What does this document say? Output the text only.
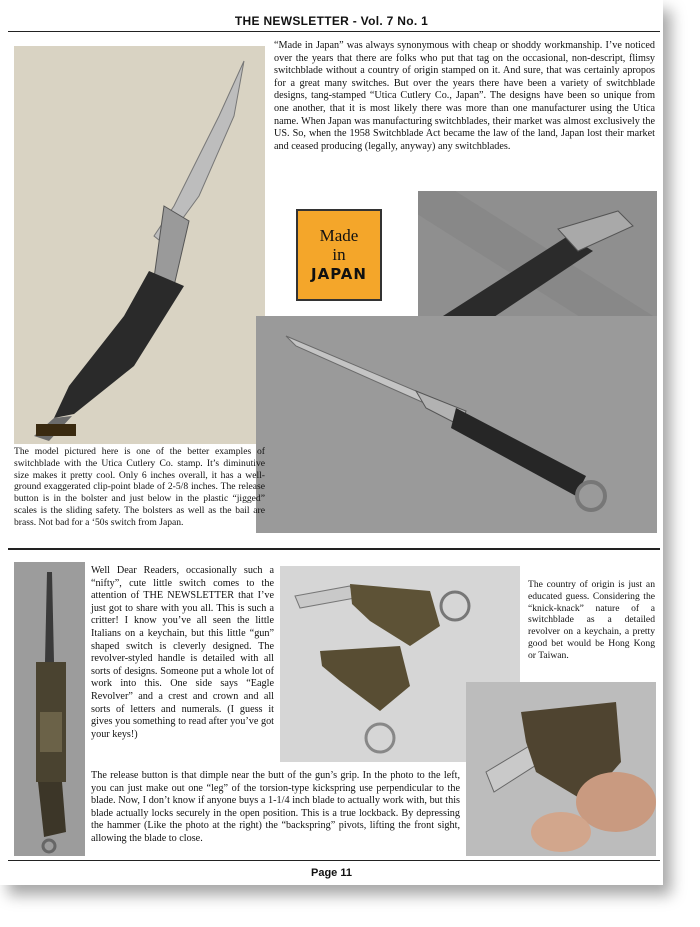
THE NEWSLETTER - Vol. 7 No. 1
“Made in Japan” was always synonymous with cheap or shoddy workmanship. I’ve noticed over the years that there are folks who put that tag on the occasional, non-descript, flimsy switchblade without a country of origin stamped on it. And sure, that was certainly apropos for a great many switches. But over the years there have been a variety of switchblade designs, tang-stamped “Utica Cutlery Co., Japan”. The designs have been so unique from one another, that it is most likely there was more than one manufacturer using the Utica name. When Japan was manufacturing switchblades, their market was almost exclusively the US. So, when the 1958 Switchblade Act became the law of the land, Japan lost their market and ceased producing (legally, anyway) any switchblades.
Made
in
JAPAN
The model pictured here is one of the better examples of switchblade with the Utica Cutlery Co. stamp. It’s diminutive size makes it pretty cool. Only 6 inches overall, it has a well-ground exaggerated clip-point blade of 2-5/8 inches. The release button is in the bolster and just below in the plastic “jigged” scales is the sliding safety. The bolsters as well as the bail are brass. Not bad for a ‘50s switch from Japan.
Well Dear Readers, occasionally such a “nifty”, cute little switch comes to the attention of THE NEWSLETTER that I’ve just got to share with you all. This is such a critter! I know you’ve all seen the little Italians on a keychain, but this little “gun” shaped switch is cleverly designed. The revolver-styled handle is detailed with all sorts of designs. Someone put a whole lot of work into this. One side says “Eagle Revolver” and a crest and crown and all sorts of letters and numerals. (I guess it gives you something to read after you’ve got your keys!)
The country of origin is just an educated guess. Considering the “knick-knack” nature of a switchblade as a detailed revolver on a keychain, a pretty good bet would be Hong Kong or Taiwan.
The release button is that dimple near the butt of the gun’s grip. In the photo to the left, you can just make out one “leg” of the torsion-type kickspring use perpendicular to the blade. Now, I don’t know if anyone buys a 1-1/4 inch blade to actually work with, but this blade actually locks securely in the open position. This is a true lockback. By depressing the hammer (Like the photo at the right) the “backspring” pivots, lifting the front sight, allowing the blade to close.
Page 11
